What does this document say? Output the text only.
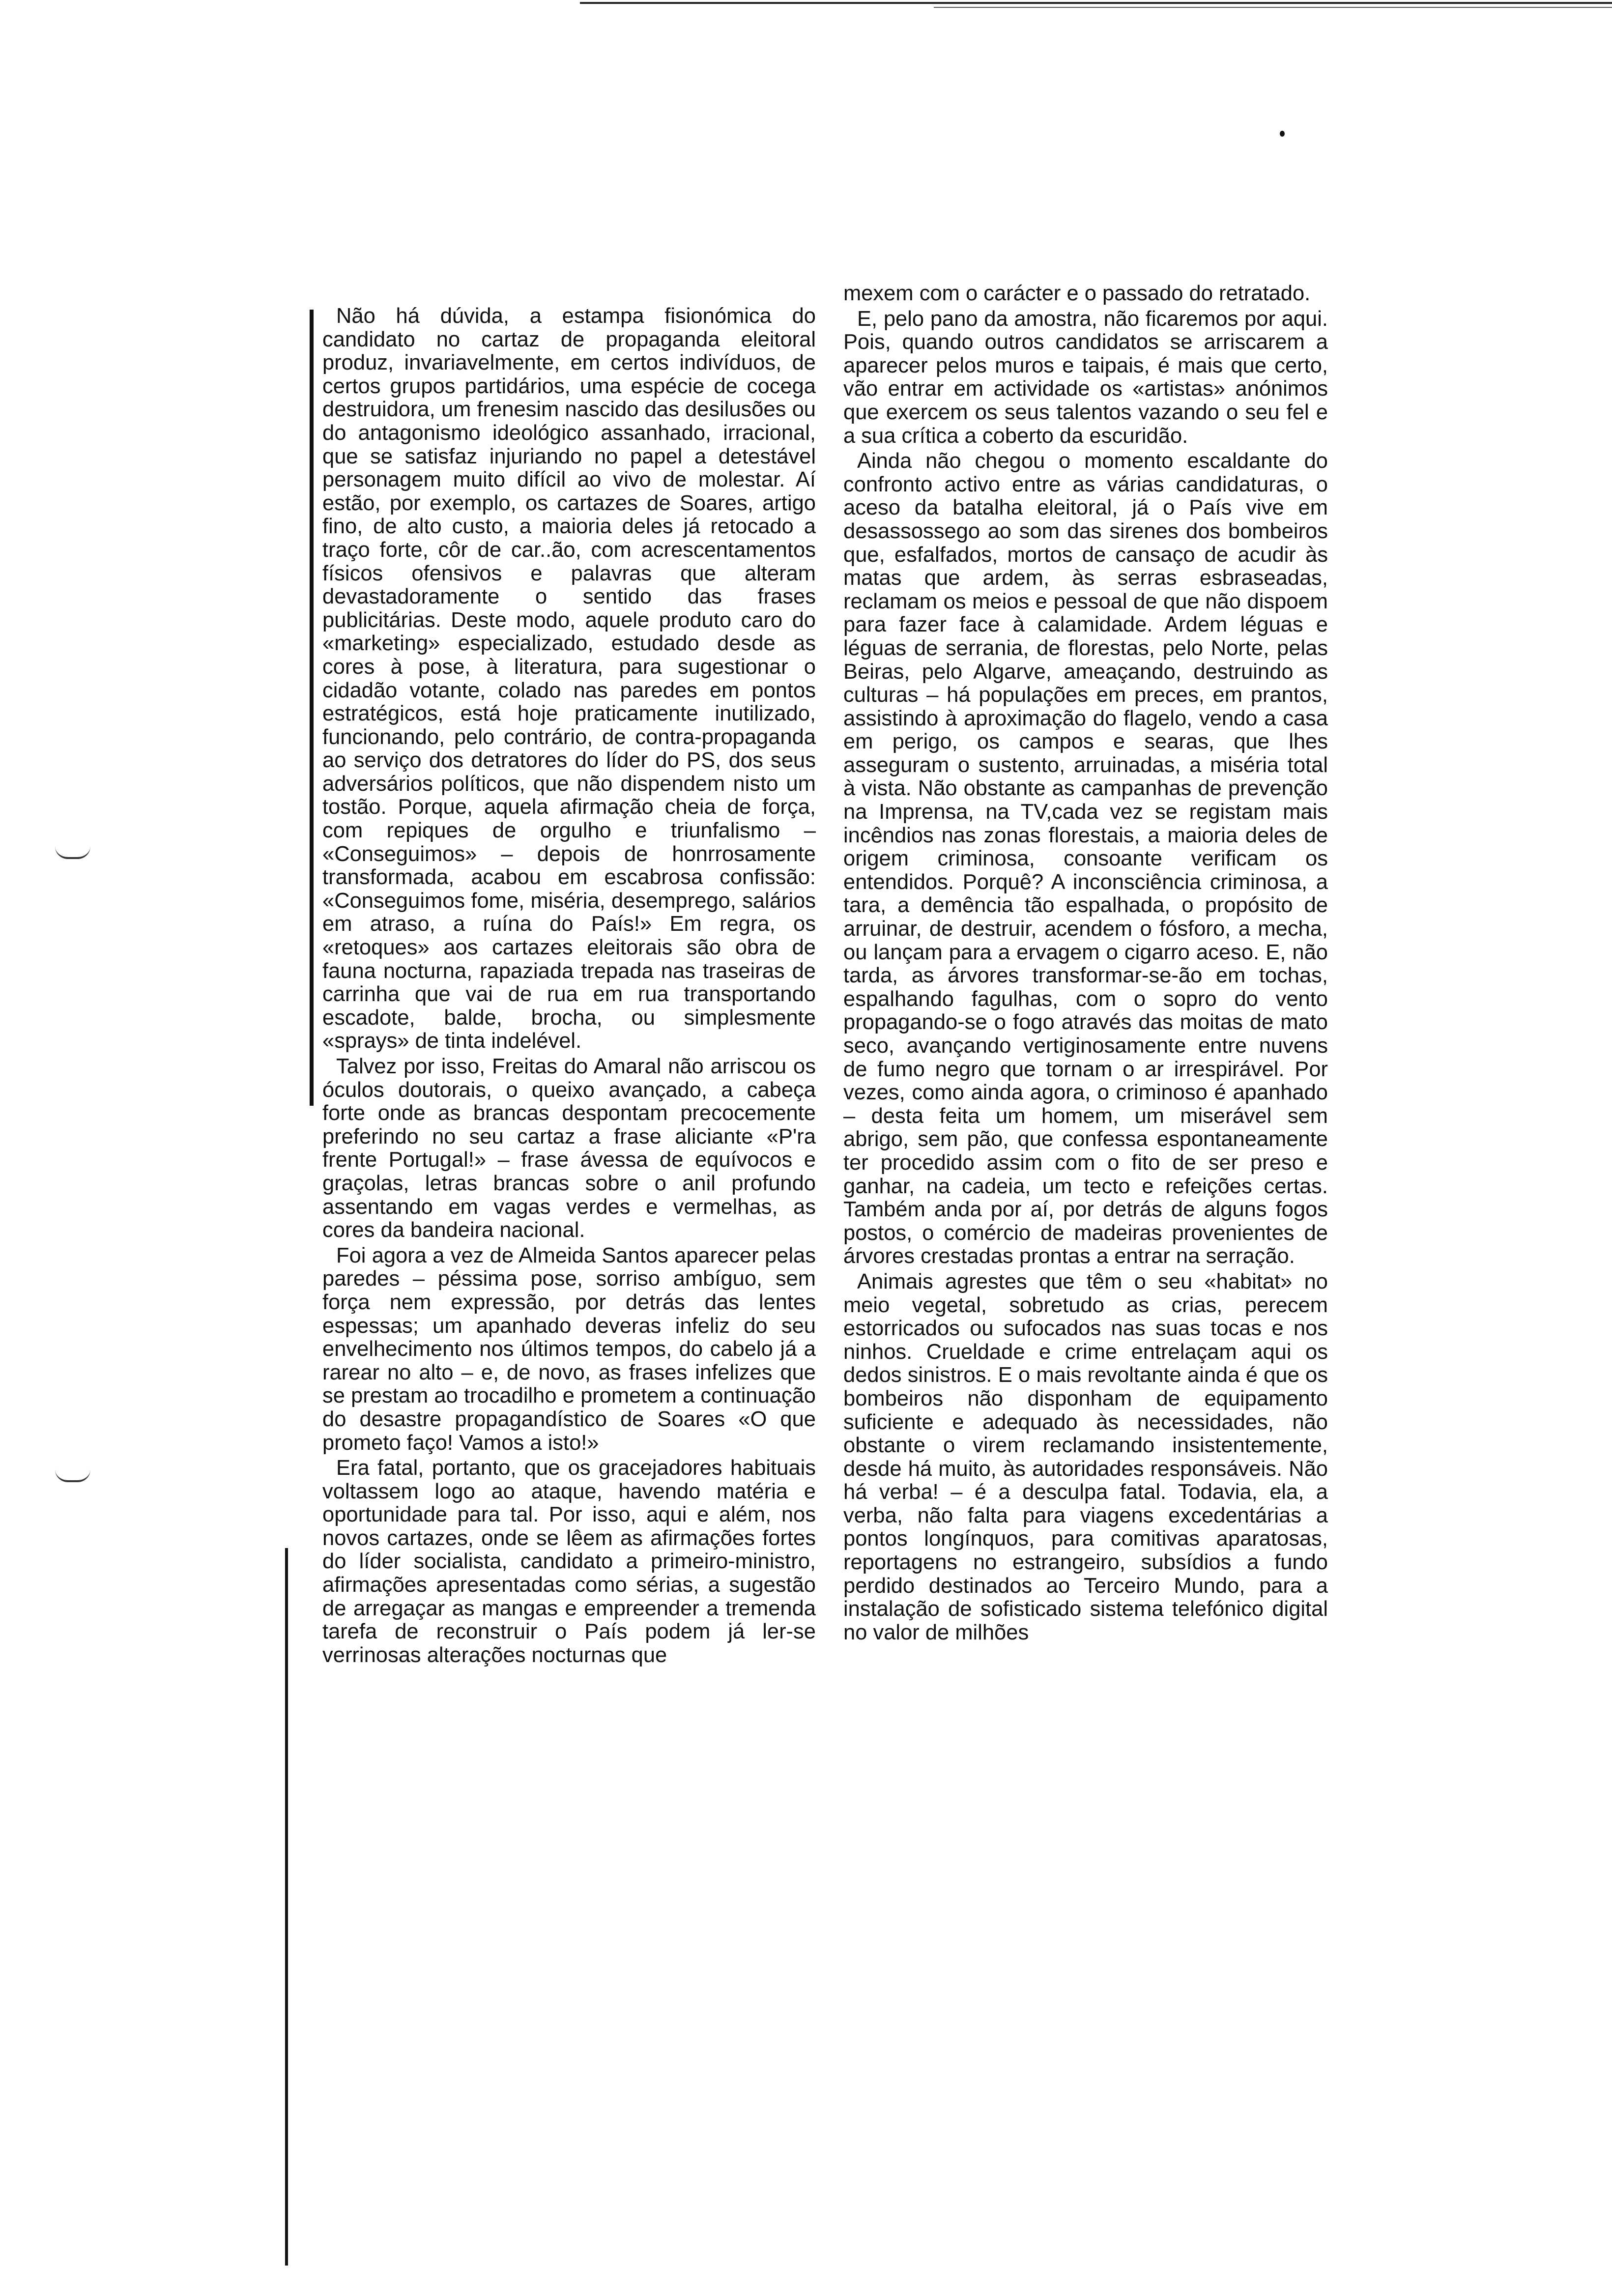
Não há dúvida, a estampa fisionómica do candidato no cartaz de propaganda eleitoral produz, invariavelmente, em certos indivíduos, de certos grupos partidários, uma espécie de cocega destruidora, um frenesim nascido das desilusões ou do antagonismo ideológico assanhado, irracional, que se satisfaz injuriando no papel a detestável personagem muito difícil ao vivo de molestar. Aí estão, por exemplo, os cartazes de Soares, artigo fino, de alto custo, a maioria deles já retocado a traço forte, côr de car..ão, com acrescentamentos físicos ofensivos e palavras que alteram devastadoramente o sentido das frases publicitárias. Deste modo, aquele produto caro do «marketing» especializado, estudado desde as cores à pose, à literatura, para sugestionar o cidadão votante, colado nas paredes em pontos estratégicos, está hoje praticamente inutilizado, funcionando, pelo contrário, de contra-propaganda ao serviço dos detratores do líder do PS, dos seus adversários políticos, que não dispendem nisto um tostão. Porque, aquela afirmação cheia de força, com repiques de orgulho e triunfalismo – «Conseguimos» – depois de honrrosamente transformada, acabou em escabrosa confissão: «Conseguimos fome, miséria, desemprego, salários em atraso, a ruína do País!» Em regra, os «retoques» aos cartazes eleitorais são obra de fauna nocturna, rapaziada trepada nas traseiras de carrinha que vai de rua em rua transportando escadote, balde, brocha, ou simplesmente «sprays» de tinta indelével.

Talvez por isso, Freitas do Amaral não arriscou os óculos doutorais, o queixo avançado, a cabeça forte onde as brancas despontam precocemente preferindo no seu cartaz a frase aliciante «P'ra frente Portugal!» – frase ávessa de equívocos e graçolas, letras brancas sobre o anil profundo assentando em vagas verdes e vermelhas, as cores da bandeira nacional.

Foi agora a vez de Almeida Santos aparecer pelas paredes – péssima pose, sorriso ambíguo, sem força nem expressão, por detrás das lentes espessas; um apanhado deveras infeliz do seu envelhecimento nos últimos tempos, do cabelo já a rarear no alto – e, de novo, as frases infelizes que se prestam ao trocadilho e prometem a continuação do desastre propagandístico de Soares «O que prometo faço! Vamos a isto!»

Era fatal, portanto, que os gracejadores habituais voltassem logo ao ataque, havendo matéria e oportunidade para tal. Por isso, aqui e além, nos novos cartazes, onde se lêem as afirmações fortes do líder socialista, candidato a primeiro-ministro, afirmações apresentadas como sérias, a sugestão de arregaçar as mangas e empreender a tremenda tarefa de reconstruir o País podem já ler-se verrinosas alterações nocturnas que

mexem com o carácter e o passado do retratado.

E, pelo pano da amostra, não ficaremos por aqui. Pois, quando outros candidatos se arriscarem a aparecer pelos muros e taipais, é mais que certo, vão entrar em actividade os «artistas» anónimos que exercem os seus talentos vazando o seu fel e a sua crítica a coberto da escuridão.

Ainda não chegou o momento escaldante do confronto activo entre as várias candidaturas, o aceso da batalha eleitoral, já o País vive em desassossego ao som das sirenes dos bombeiros que, esfalfados, mortos de cansaço de acudir às matas que ardem, às serras esbraseadas, reclamam os meios e pessoal de que não dispoem para fazer face à calamidade. Ardem léguas e léguas de serrania, de florestas, pelo Norte, pelas Beiras, pelo Algarve, ameaçando, destruindo as culturas – há populações em preces, em prantos, assistindo à aproximação do flagelo, vendo a casa em perigo, os campos e searas, que lhes asseguram o sustento, arruinadas, a miséria total à vista. Não obstante as campanhas de prevenção na Imprensa, na TV,cada vez se registam mais incêndios nas zonas florestais, a maioria deles de origem criminosa, consoante verificam os entendidos. Porquê? A inconsciência criminosa, a tara, a demência tão espalhada, o propósito de arruinar, de destruir, acendem o fósforo, a mecha, ou lançam para a ervagem o cigarro aceso. E, não tarda, as árvores transformar-se-ão em tochas, espalhando fagulhas, com o sopro do vento propagando-se o fogo através das moitas de mato seco, avançando vertiginosamente entre nuvens de fumo negro que tornam o ar irrespirável. Por vezes, como ainda agora, o criminoso é apanhado – desta feita um homem, um miserável sem abrigo, sem pão, que confessa espontaneamente ter procedido assim com o fito de ser preso e ganhar, na cadeia, um tecto e refeições certas. Também anda por aí, por detrás de alguns fogos postos, o comércio de madeiras provenientes de árvores crestadas prontas a entrar na serração.

Animais agrestes que têm o seu «habitat» no meio vegetal, sobretudo as crias, perecem estorricados ou sufocados nas suas tocas e nos ninhos. Crueldade e crime entrelaçam aqui os dedos sinistros. E o mais revoltante ainda é que os bombeiros não disponham de equipamento suficiente e adequado às necessidades, não obstante o virem reclamando insistentemente, desde há muito, às autoridades responsáveis. Não há verba! – é a desculpa fatal. Todavia, ela, a verba, não falta para viagens excedentárias a pontos longínquos, para comitivas aparatosas, reportagens no estrangeiro, subsídios a fundo perdido destinados ao Terceiro Mundo, para a instalação de sofisticado sistema telefónico digital no valor de milhões
